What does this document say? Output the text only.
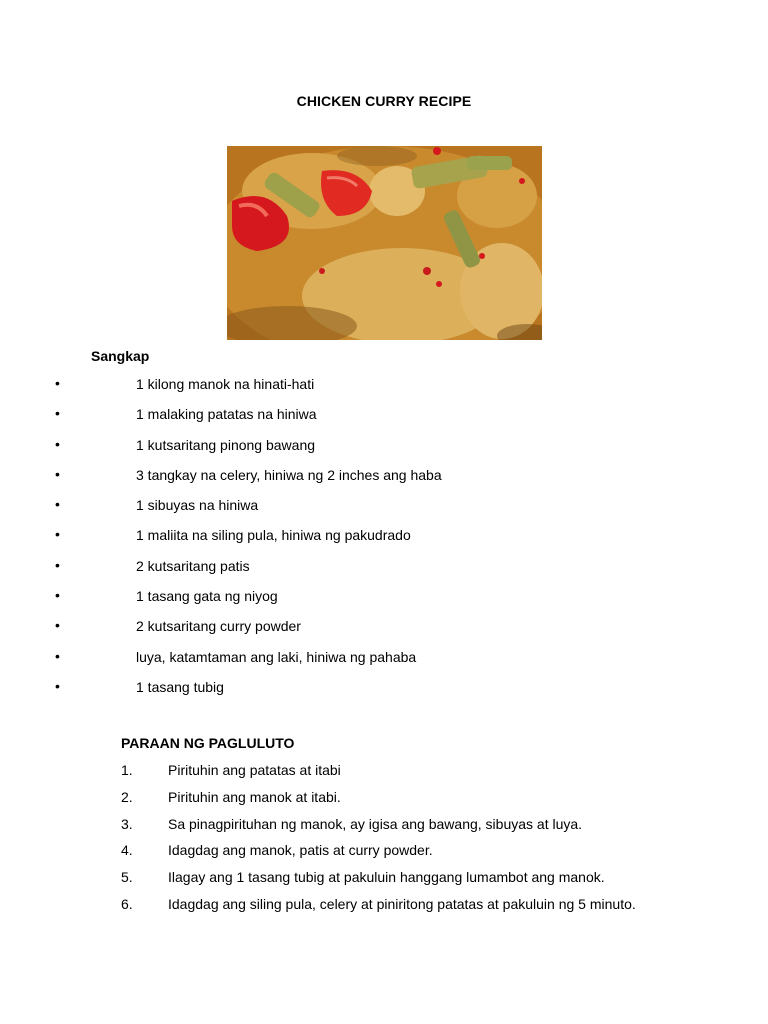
CHICKEN CURRY RECIPE
Sangkap
•	1 kilong manok na hinati-hati
•	1 malaking patatas na hiniwa
•	1 kutsaritang pinong bawang
•	3 tangkay na celery, hiniwa ng 2 inches ang haba
•	1 sibuyas na hiniwa
•	1 maliita na siling pula, hiniwa ng pakudrado
•	2 kutsaritang patis
•	1 tasang gata ng niyog
•	2 kutsaritang curry powder
•	luya, katamtaman ang laki, hiniwa ng pahaba
•	1 tasang tubig
PARAAN NG PAGLULUTO
1.	Pirituhin ang patatas at itabi
2.	Pirituhin ang manok at itabi.
3.	Sa pinagpirituhan ng manok, ay igisa ang bawang, sibuyas at luya.
4.	Idagdag ang manok, patis at curry powder.
5.	Ilagay ang 1 tasang tubig at pakuluin hanggang lumambot ang manok.
6.	Idagdag ang siling pula, celery at piniritong patatas at pakuluin ng 5 minuto.
